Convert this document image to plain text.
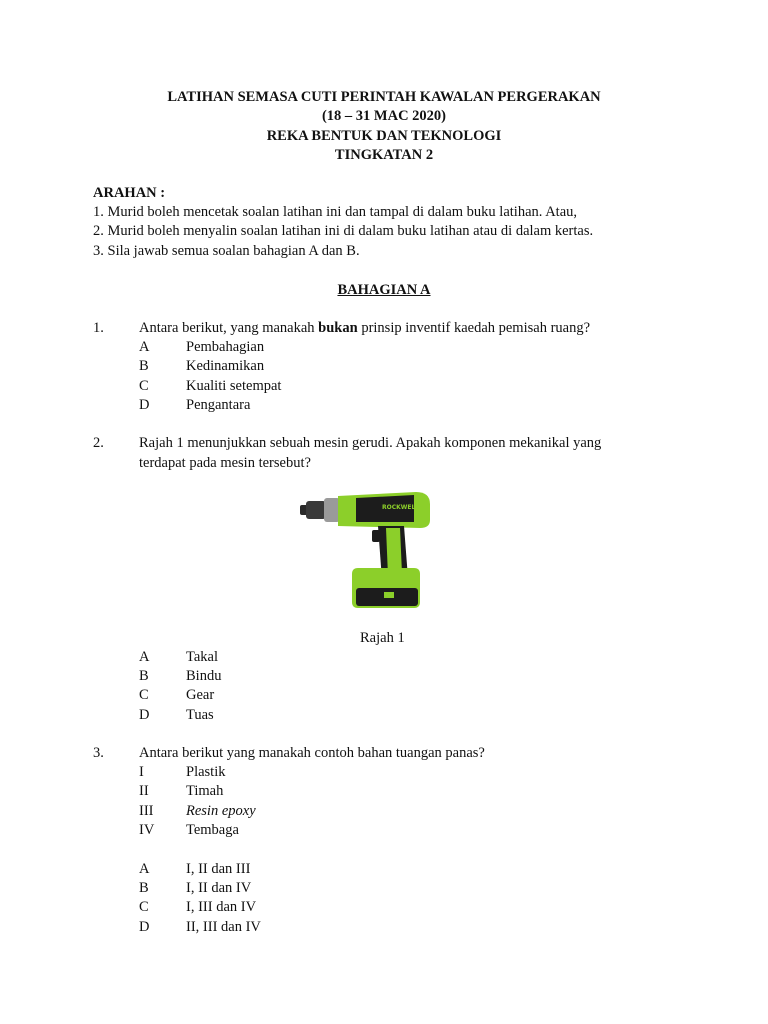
LATIHAN SEMASA CUTI PERINTAH KAWALAN PERGERAKAN
(18 – 31 MAC 2020)
REKA BENTUK DAN TEKNOLOGI
TINGKATAN 2
ARAHAN :
1. Murid boleh mencetak soalan latihan ini dan tampal di dalam buku latihan. Atau,
2. Murid boleh menyalin soalan latihan ini di dalam buku latihan atau di dalam kertas.
3. Sila jawab semua soalan bahagian A dan B.
BAHAGIAN A
1. Antara berikut, yang manakah bukan prinsip inventif kaedah pemisah ruang?
A	Pembahagian
B	Kedinamikan
C	Kualiti setempat
D	Pengantara
2. Rajah 1 menunjukkan sebuah mesin gerudi. Apakah komponen mekanikal yang
terdapat pada mesin tersebut?
ROCKWELL
Rajah 1
A	Takal
B	Bindu
C	Gear
D	Tuas
3. Antara berikut yang manakah contoh bahan tuangan panas?
I	Plastik
II	Timah
III Resin epoxy
IV Tembaga
A	I, II dan III
B	I, II dan IV
C	I, III dan IV
D	II, III dan IV
